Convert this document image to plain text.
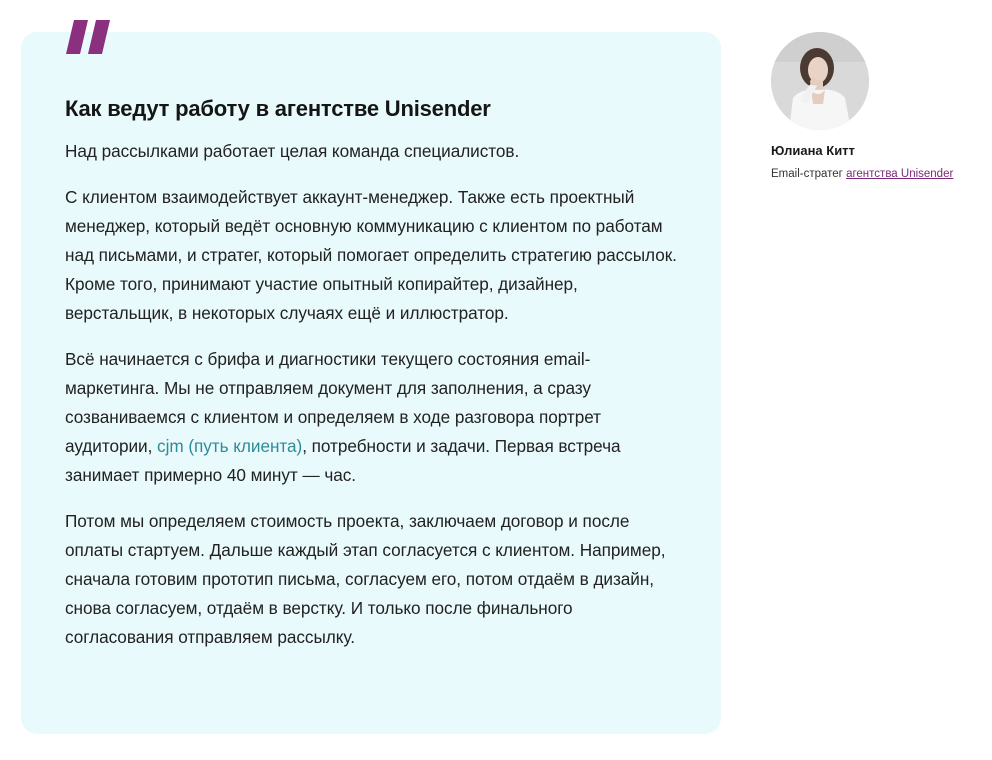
Как ведут работу в агентстве Unisender

Над рассылками работает целая команда специалистов.

С клиентом взаимодействует аккаунт-менеджер. Также есть проектный менеджер, который ведёт основную коммуникацию с клиентом по работам над письмами, и стратег, который помогает определить стратегию рассылок. Кроме того, принимают участие опытный копирайтер, дизайнер, верстальщик, в некоторых случаях ещё и иллюстратор.

Всё начинается с брифа и диагностики текущего состояния email-маркетинга. Мы не отправляем документ для заполнения, а сразу созваниваемся с клиентом и определяем в ходе разговора портрет аудитории, cjm (путь клиента), потребности и задачи. Первая встреча занимает примерно 40 минут — час.

Потом мы определяем стоимость проекта, заключаем договор и после оплаты стартуем. Дальше каждый этап согласуется с клиентом. Например, сначала готовим прототип письма, согласуем его, потом отдаём в дизайн, снова согласуем, отдаём в верстку. И только после финального согласования отправляем рассылку.

Юлиана Китт
Email-стратег агентства Unisender
